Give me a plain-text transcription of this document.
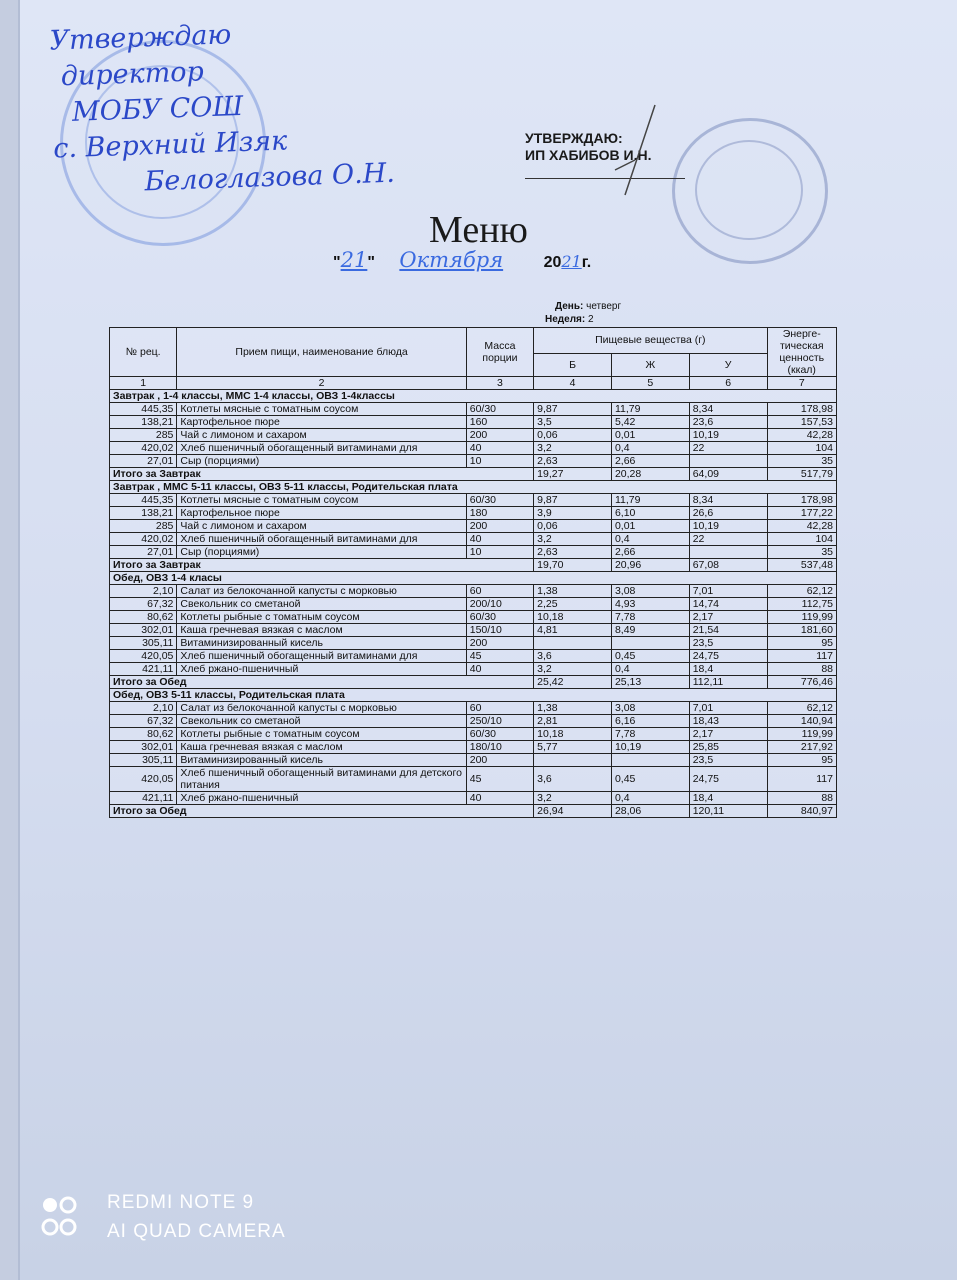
Утверждаю
директор
МОБУ СОШ
с. Верхний Изяк
Белоглазова О.Н.
УТВЕРЖДАЮ:
ИП ХАБИБОВ И.Н.
Меню
"21" Октября	2021г.
День: четверг
Неделя: 2
№ рец.	Прием пищи, наименование блюда	Масса порции	Пищевые вещества (г)			Энерге-тическая ценность (ккал)
			Б	Ж	У	
1	2	3	4	5	6	7
Завтрак , 1-4 классы, ММС 1-4 классы, ОВЗ 1-4классы						
445,35	Котлеты мясные с томатным соусом	60/30	9,87	11,79	8,34	178,98
138,21	Картофельное пюре	160	3,5	5,42	23,6	157,53
285	Чай с лимоном и сахаром	200	0,06	0,01	10,19	42,28
420,02	Хлеб пшеничный обогащенный витаминами для	40	3,2	0,4	22	104
27,01	Сыр (порциями)	10	2,63	2,66		35
Итого за Завтрак			19,27	20,28	64,09	517,79
Завтрак , ММС 5-11 классы, ОВЗ 5-11 классы, Родительская плата						
445,35	Котлеты мясные с томатным соусом	60/30	9,87	11,79	8,34	178,98
138,21	Картофельное пюре	180	3,9	6,10	26,6	177,22
285	Чай с лимоном и сахаром	200	0,06	0,01	10,19	42,28
420,02	Хлеб пшеничный обогащенный витаминами для	40	3,2	0,4	22	104
27,01	Сыр (порциями)	10	2,63	2,66		35
Итого за Завтрак			19,70	20,96	67,08	537,48
Обед, ОВЗ 1-4 класы						
2,10	Салат из белокочанной капусты с морковью	60	1,38	3,08	7,01	62,12
67,32	Свекольник со сметаной	200/10	2,25	4,93	14,74	112,75
80,62	Котлеты рыбные с томатным соусом	60/30	10,18	7,78	2,17	119,99
302,01	Каша гречневая вязкая с маслом	150/10	4,81	8,49	21,54	181,60
305,11	Витаминизированный кисель	200			23,5	95
420,05	Хлеб пшеничный обогащенный витаминами для	45	3,6	0,45	24,75	117
421,11	Хлеб ржано-пшеничный	40	3,2	0,4	18,4	88
Итого за Обед			25,42	25,13	112,11	776,46
Обед, ОВЗ 5-11 классы, Родительская плата						
2,10	Салат из белокочанной капусты с морковью	60	1,38	3,08	7,01	62,12
67,32	Свекольник со сметаной	250/10	2,81	6,16	18,43	140,94
80,62	Котлеты рыбные с томатным соусом	60/30	10,18	7,78	2,17	119,99
302,01	Каша гречневая вязкая с маслом	180/10	5,77	10,19	25,85	217,92
305,11	Витаминизированный кисель	200			23,5	95
420,05	Хлеб пшеничный обогащенный витаминами для детского питания	45	3,6	0,45	24,75	117
421,11	Хлеб ржано-пшеничный	40	3,2	0,4	18,4	88
Итого за Обед			26,94	28,06	120,11	840,97
REDMI NOTE 9
AI QUAD CAMERA
